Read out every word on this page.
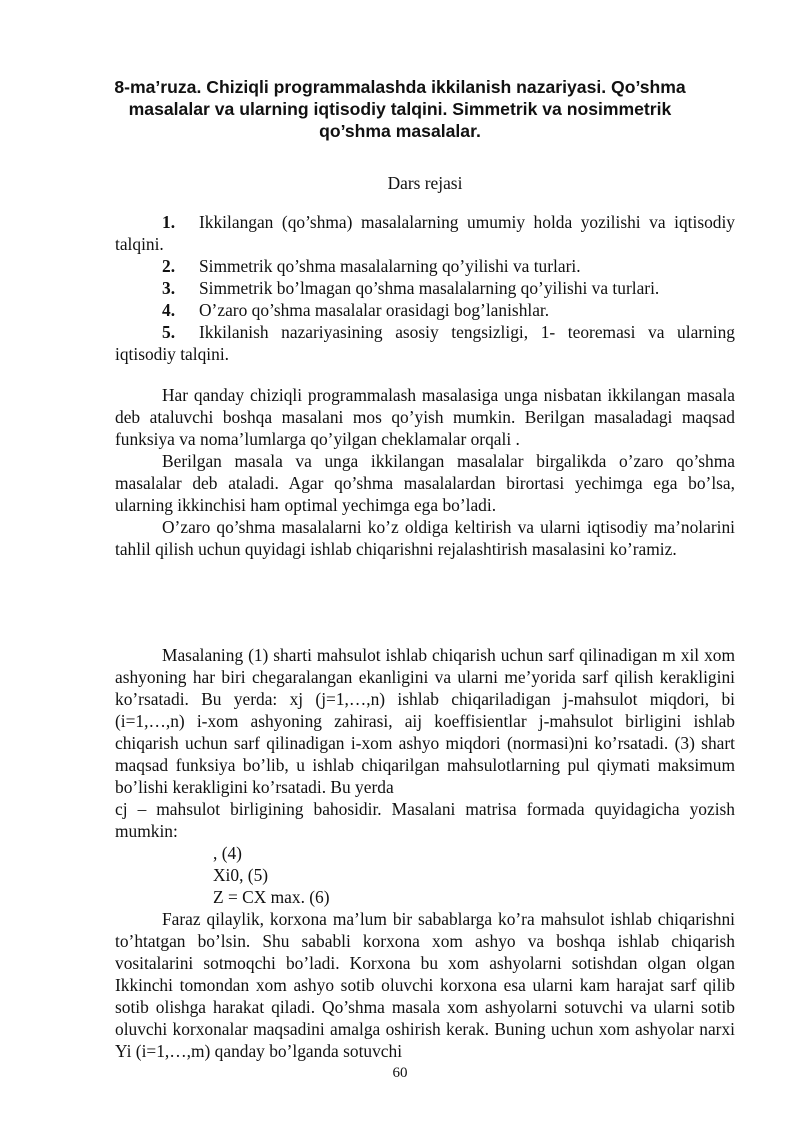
8-ma’ruza. Chiziqli programmalashda ikkilanish nazariyasi. Qo’shma
masalalar va ularning iqtisodiy talqini. Simmetrik va nosimmetrik
qo’shma masalalar.
Dars rejasi

1. Ikkilangan (qo’shma) masalalarning umumiy holda yozilishi va iqtisodiy talqini.

2. Simmetrik qo’shma masalalarning qo’yilishi va turlari.

3. Simmetrik bo’lmagan qo’shma masalalarning qo’yilishi va turlari.

4. O’zaro qo’shma masalalar orasidagi bog’lanishlar.

5. Ikkilanish nazariyasining asosiy tengsizligi, 1- teoremasi va ularning iqtisodiy talqini.

Har qanday chiziqli programmalash masalasiga unga nisbatan ikkilangan masala deb ataluvchi boshqa masalani mos qo’yish mumkin. Berilgan masaladagi maqsad funksiya va noma’lumlarga qo’yilgan cheklamalar orqali .

Berilgan masala va unga ikkilangan masalalar birgalikda o’zaro qo’shma masalalar deb ataladi. Agar qo’shma masalalardan birortasi yechimga ega bo’lsa, ularning ikkinchisi ham optimal yechimga ega bo’ladi.

O’zaro qo’shma masalalarni ko’z oldiga keltirish va ularni iqtisodiy ma’nolarini tahlil qilish uchun quyidagi ishlab chiqarishni rejalashtirish masalasini ko’ramiz.

Masalaning (1) sharti mahsulot ishlab chiqarish uchun sarf qilinadigan m xil xom ashyoning har biri chegaralangan ekanligini va ularni me’yorida sarf qilish kerakligini ko’rsatadi. Bu yerda: xj (j=1,…,n) ishlab chiqariladigan j-mahsulot miqdori, bi (i=1,…,n) i-xom ashyoning zahirasi, aij koeffisientlar j-mahsulot birligini ishlab chiqarish uchun sarf qilinadigan i-xom ashyo miqdori (normasi)ni ko’rsatadi. (3) shart maqsad funksiya bo’lib, u ishlab chiqarilgan mahsulotlarning pul qiymati maksimum bo’lishi kerakligini ko’rsatadi. Bu yerda

cj – mahsulot birligining bahosidir. Masalani matrisa formada quyidagicha yozish mumkin:

, (4)

Xi0, (5)

Z = CX max. (6)

Faraz qilaylik, korxona ma’lum bir sabablarga ko’ra mahsulot ishlab chiqarishni to’htatgan bo’lsin. Shu sababli korxona xom ashyo va boshqa ishlab chiqarish vositalarini sotmoqchi bo’ladi. Korxona bu xom ashyolarni sotishdan olgan olgan Ikkinchi tomondan xom ashyo sotib oluvchi korxona esa ularni kam harajat sarf qilib sotib olishga harakat qiladi. Qo’shma masala xom ashyolarni sotuvchi va ularni sotib oluvchi korxonalar maqsadini amalga oshirish kerak. Buning uchun xom ashyolar narxi Yi (i=1,…,m) qanday bo’lganda sotuvchi

60
